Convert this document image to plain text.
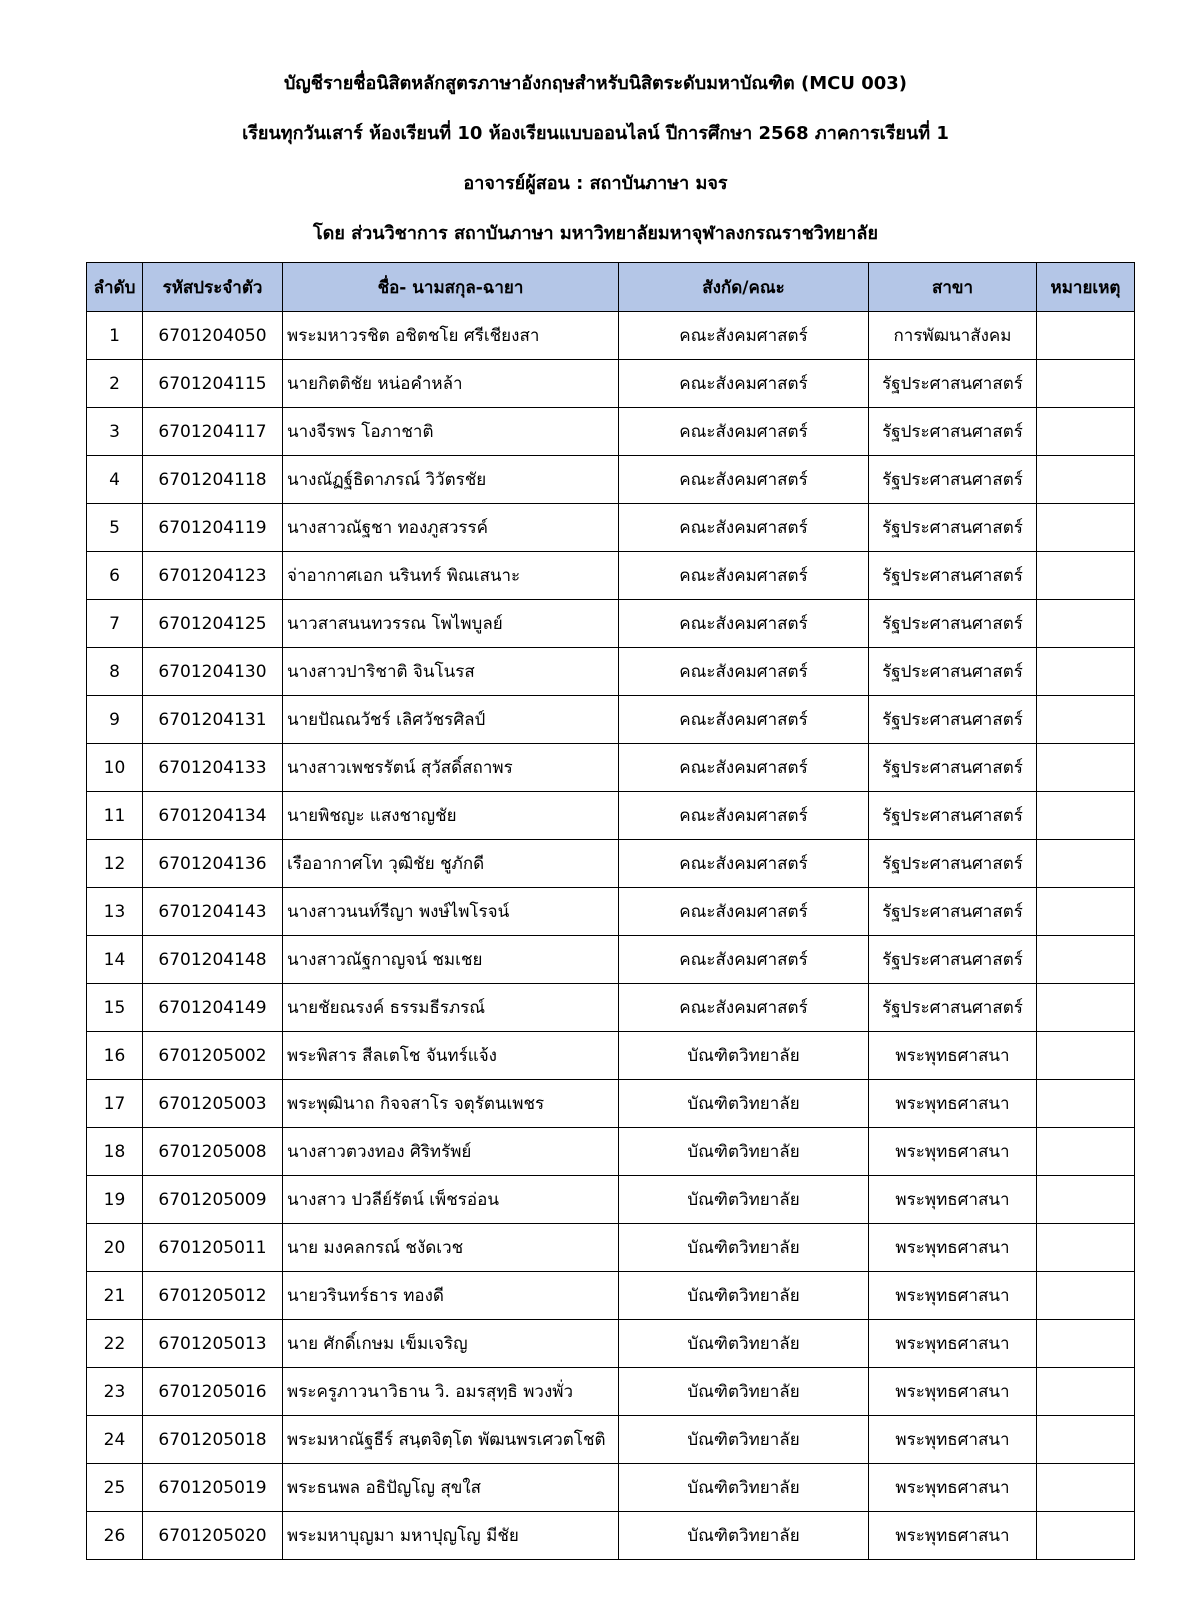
บัญชีรายชื่อนิสิตหลักสูตรภาษาอังกฤษสำหรับนิสิตระดับมหาบัณฑิต (MCU 003)
เรียนทุกวันเสาร์ ห้องเรียนที่ 10 ห้องเรียนแบบออนไลน์ ปีการศึกษา 2568 ภาคการเรียนที่ 1
อาจารย์ผู้สอน : สถาบันภาษา มจร
โดย ส่วนวิชาการ สถาบันภาษา มหาวิทยาลัยมหาจุฬาลงกรณราชวิทยาลัย
ลำดับ	รหัสประจำตัว	ชื่อ- นามสกุล-ฉายา	สังกัด/คณะ	สาขา	หมายเหตุ
1	6701204050	พระมหาวรชิต อชิตชโย ศรีเชียงสา	คณะสังคมศาสตร์	การพัฒนาสังคม	
2	6701204115	นายกิตติชัย หน่อคำหล้า	คณะสังคมศาสตร์	รัฐประศาสนศาสตร์	
3	6701204117	นางจีรพร โอภาชาติ	คณะสังคมศาสตร์	รัฐประศาสนศาสตร์	
4	6701204118	นางณัฏฐ์ธิดาภรณ์ วิวัตรชัย	คณะสังคมศาสตร์	รัฐประศาสนศาสตร์	
5	6701204119	นางสาวณัฐชา ทองภูสวรรค์	คณะสังคมศาสตร์	รัฐประศาสนศาสตร์	
6	6701204123	จ่าอากาศเอก นรินทร์ พิณเสนาะ	คณะสังคมศาสตร์	รัฐประศาสนศาสตร์	
7	6701204125	นาวสาสนนทวรรณ โพไพบูลย์	คณะสังคมศาสตร์	รัฐประศาสนศาสตร์	
8	6701204130	นางสาวปาริชาติ จินโนรส	คณะสังคมศาสตร์	รัฐประศาสนศาสตร์	
9	6701204131	นายปัณณวัชร์ เลิศวัชรศิลป์	คณะสังคมศาสตร์	รัฐประศาสนศาสตร์	
10	6701204133	นางสาวเพชรรัตน์ สุวัสดิ์สถาพร	คณะสังคมศาสตร์	รัฐประศาสนศาสตร์	
11	6701204134	นายพิชญะ แสงชาญชัย	คณะสังคมศาสตร์	รัฐประศาสนศาสตร์	
12	6701204136	เรืออากาศโท วุฒิชัย ชูภักดี	คณะสังคมศาสตร์	รัฐประศาสนศาสตร์	
13	6701204143	นางสาวนนท์รีญา พงษ์ไพโรจน์	คณะสังคมศาสตร์	รัฐประศาสนศาสตร์	
14	6701204148	นางสาวณัฐกาญจน์ ชมเชย	คณะสังคมศาสตร์	รัฐประศาสนศาสตร์	
15	6701204149	นายชัยณรงค์ ธรรมธีรภรณ์	คณะสังคมศาสตร์	รัฐประศาสนศาสตร์	
16	6701205002	พระพิสาร สีลเตโช จันทร์แจ้ง	บัณฑิตวิทยาลัย	พระพุทธศาสนา	
17	6701205003	พระพุฒินาถ กิจจสาโร จตุรัตนเพชร	บัณฑิตวิทยาลัย	พระพุทธศาสนา	
18	6701205008	นางสาวตวงทอง ศิริทรัพย์	บัณฑิตวิทยาลัย	พระพุทธศาสนา	
19	6701205009	นางสาว ปวลีย์รัตน์ เพ็ชรอ่อน	บัณฑิตวิทยาลัย	พระพุทธศาสนา	
20	6701205011	นาย มงคลกรณ์ ชงัดเวช	บัณฑิตวิทยาลัย	พระพุทธศาสนา	
21	6701205012	นายวรินทร์ธาร ทองดี	บัณฑิตวิทยาลัย	พระพุทธศาสนา	
22	6701205013	นาย ศักดิ์เกษม เข็มเจริญ	บัณฑิตวิทยาลัย	พระพุทธศาสนา	
23	6701205016	พระครูภาวนาวิธาน วิ. อมรสุทฺธิ พวงพั่ว	บัณฑิตวิทยาลัย	พระพุทธศาสนา	
24	6701205018	พระมหาณัฐธีร์ สนฺตจิตฺโต พัฒนพรเศวตโชติ	บัณฑิตวิทยาลัย	พระพุทธศาสนา	
25	6701205019	พระธนพล อธิปัญโญ สุขใส	บัณฑิตวิทยาลัย	พระพุทธศาสนา	
26	6701205020	พระมหาบุญมา มหาปุญโญ มีชัย	บัณฑิตวิทยาลัย	พระพุทธศาสนา	
